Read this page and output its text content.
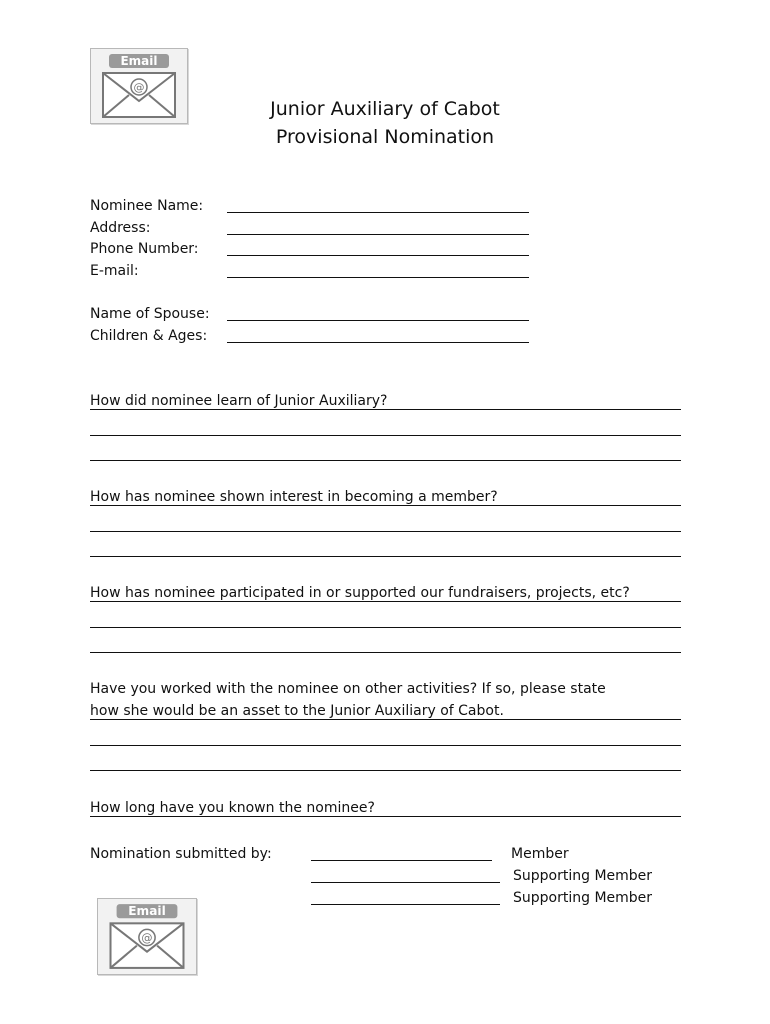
Email
@
Junior Auxiliary of Cabot
Provisional Nomination
Nominee Name:
Address:
Phone Number:
E-mail:
Name of Spouse:
Children & Ages:
How did nominee learn of Junior Auxiliary?
How has nominee shown interest in becoming a member?
How has nominee participated in or supported our fundraisers, projects, etc?
Have you worked with the nominee on other activities? If so, please state
how she would be an asset to the Junior Auxiliary of Cabot.
How long have you known the nominee?
Nomination submitted by:	Member
Supporting Member
Supporting Member
Email
@
